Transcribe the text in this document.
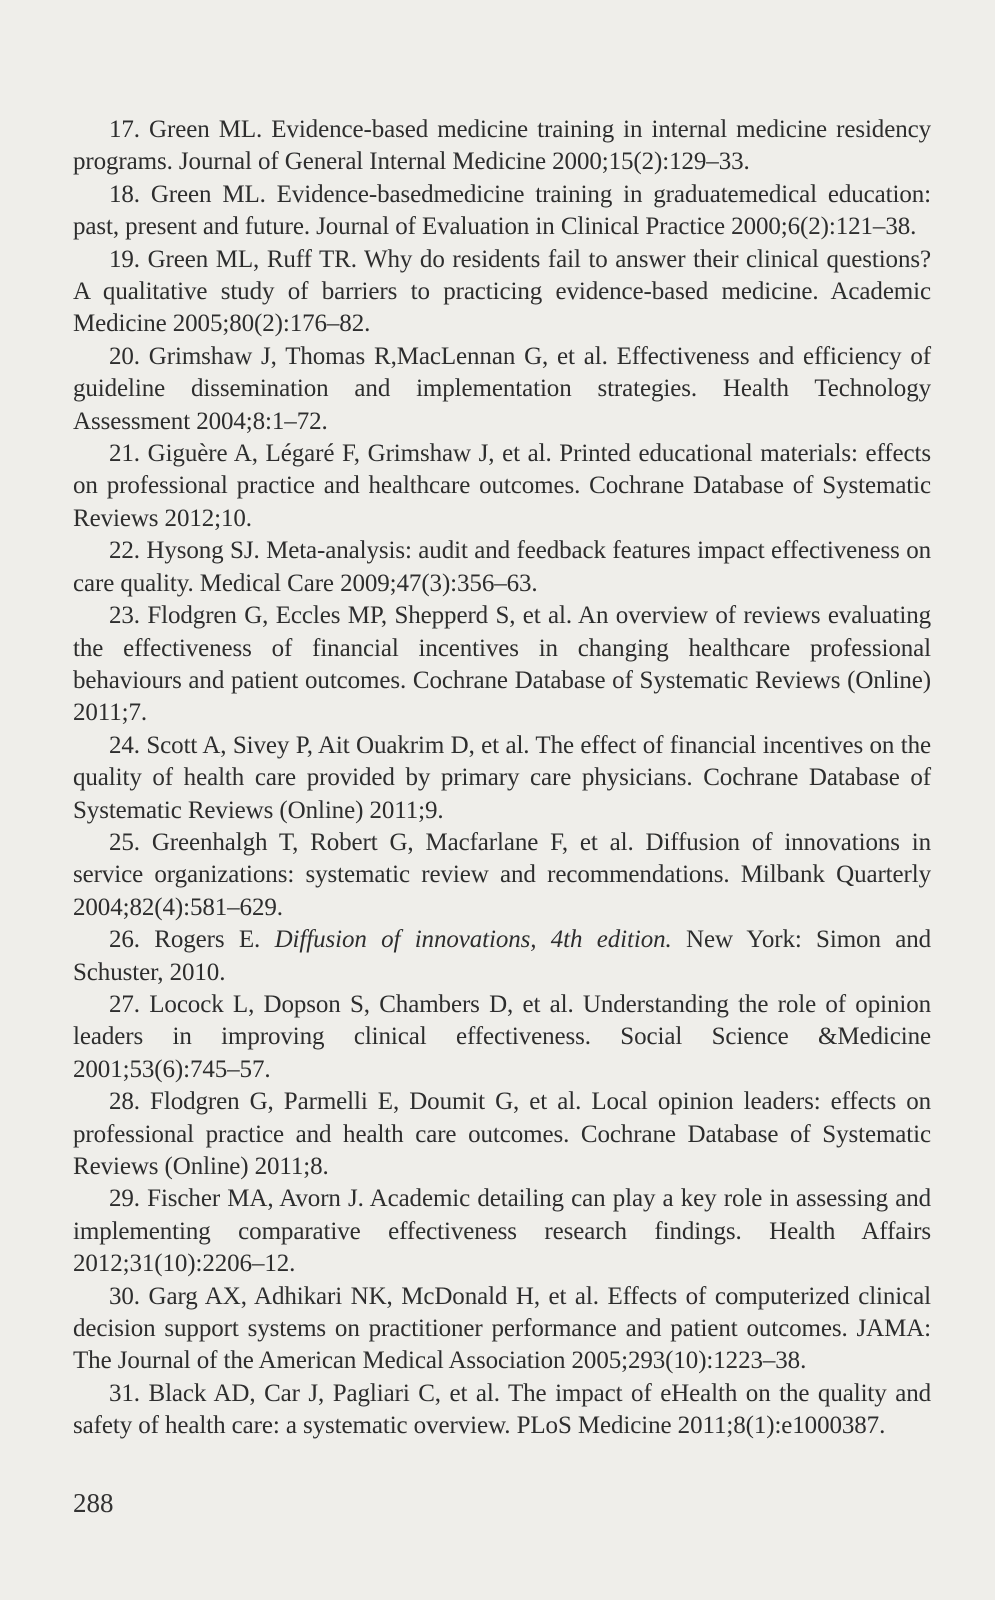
17. Green ML. Evidence-based medicine training in internal medicine residency programs. Journal of General Internal Medicine 2000;15(2):129–33.

18. Green ML. Evidence-basedmedicine training in graduatemedical education: past, present and future. Journal of Evaluation in Clinical Practice 2000;6(2):121–38.

19. Green ML, Ruff TR. Why do residents fail to answer their clinical questions? A qualitative study of barriers to practicing evidence-based medicine. Academic Medicine 2005;80(2):176–82.

20. Grimshaw J, Thomas R,MacLennan G, et al. Effectiveness and efficiency of guideline dissemination and implementation strategies. Health Technology Assessment 2004;8:1–72.

21. Giguère A, Légaré F, Grimshaw J, et al. Printed educational materials: effects on professional practice and healthcare outcomes. Cochrane Database of Systematic Reviews 2012;10.

22. Hysong SJ. Meta-analysis: audit and feedback features impact effectiveness on care quality. Medical Care 2009;47(3):356–63.

23. Flodgren G, Eccles MP, Shepperd S, et al. An overview of reviews evaluating the effectiveness of financial incentives in changing healthcare professional behaviours and patient outcomes. Cochrane Database of Systematic Reviews (Online) 2011;7.

24. Scott A, Sivey P, Ait Ouakrim D, et al. The effect of financial incentives on the quality of health care provided by primary care physicians. Cochrane Database of Systematic Reviews (Online) 2011;9.

25. Greenhalgh T, Robert G, Macfarlane F, et al. Diffusion of innovations in service organizations: systematic review and recommendations. Milbank Quarterly 2004;82(4):581–629.

26. Rogers E. Diffusion of innovations, 4th edition. New York: Simon and Schuster, 2010.

27. Locock L, Dopson S, Chambers D, et al. Understanding the role of opinion leaders in improving clinical effectiveness. Social Science &Medicine 2001;53(6):745–57.

28. Flodgren G, Parmelli E, Doumit G, et al. Local opinion leaders: effects on professional practice and health care outcomes. Cochrane Database of Systematic Reviews (Online) 2011;8.

29. Fischer MA, Avorn J. Academic detailing can play a key role in assessing and implementing comparative effectiveness research findings. Health Affairs 2012;31(10):2206–12.

30. Garg AX, Adhikari NK, McDonald H, et al. Effects of computerized clinical decision support systems on practitioner performance and patient outcomes. JAMA: The Journal of the American Medical Association 2005;293(10):1223–38.

31. Black AD, Car J, Pagliari C, et al. The impact of eHealth on the quality and safety of health care: a systematic overview. PLoS Medicine 2011;8(1):e1000387.

288
